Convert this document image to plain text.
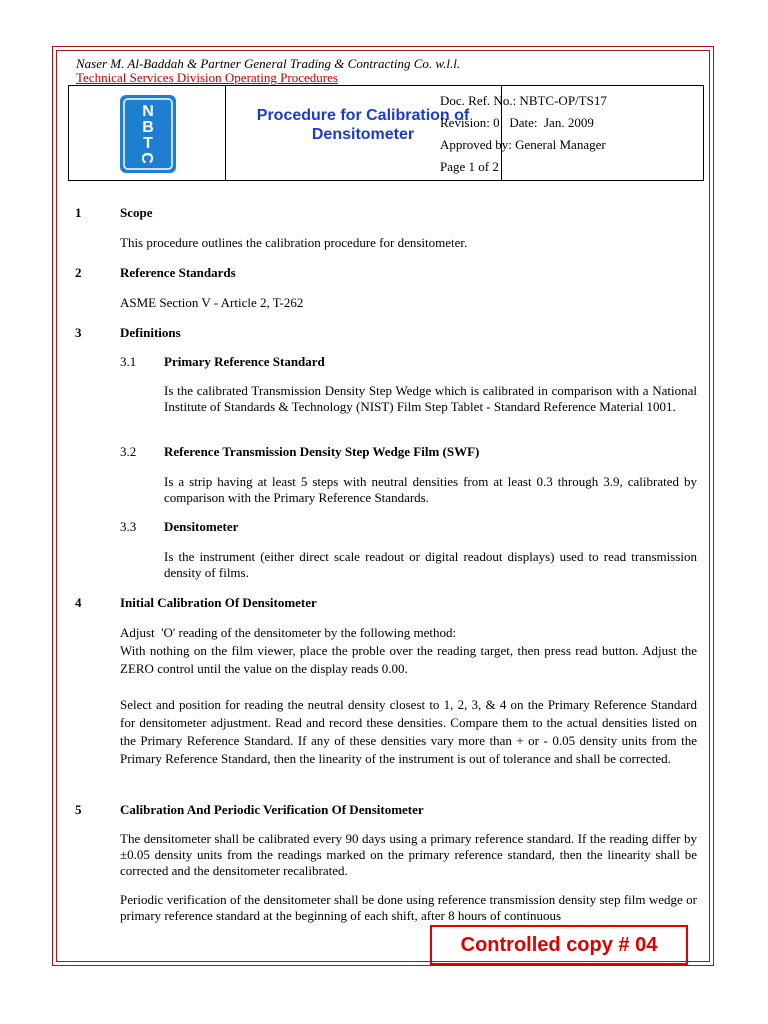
Naser M. Al-Baddah & Partner General Trading & Contracting Co. w.l.l.
Technical Services Division Operating Procedures
N
B
T
C
Procedure for Calibration of
Densitometer
Doc. Ref. No.: NBTC-OP/TS17
Revision: 0   Date:  Jan. 2009
Approved by: General Manager
Page 1 of 2
1	Scope
This procedure outlines the calibration procedure for densitometer.
2	Reference Standards
ASME Section V - Article 2, T-262
3	Definitions
3.1 Primary Reference Standard
Is the calibrated Transmission Density Step Wedge which is calibrated in comparison with a National Institute of Standards & Technology (NIST) Film Step Tablet - Standard Reference Material 1001.
3.2 Reference Transmission Density Step Wedge Film (SWF)
Is a strip having at least 5 steps with neutral densities from at least 0.3 through 3.9, calibrated by comparison with the Primary Reference Standards.
3.3 Densitometer
Is the instrument (either direct scale readout or digital readout displays) used to read transmission density of films.
4	Initial Calibration Of Densitometer
Adjust  'O' reading of the densitometer by the following method:
With nothing on the film viewer, place the proble over the reading target, then press read button. Adjust the ZERO control until the value on the display reads 0.00.
Select and position for reading the neutral density closest to 1, 2, 3, & 4 on the Primary Reference Standard for densitometer adjustment. Read and record these densities. Compare them to the actual densities listed on the Primary Reference Standard. If any of these densities vary more than + or - 0.05 density units from the Primary Reference Standard, then the linearity of the instrument is out of tolerance and shall be corrected.
5	Calibration And Periodic Verification Of Densitometer
The densitometer shall be calibrated every 90 days using a primary reference standard. If the reading differ by ±0.05 density units from the readings marked on the primary reference standard, then the linearity shall be corrected and the densitometer recalibrated.
Periodic verification of the densitometer shall be done using reference transmission density step film wedge or primary reference standard at the beginning of each shift, after 8 hours of continuous
Controlled copy # 04
